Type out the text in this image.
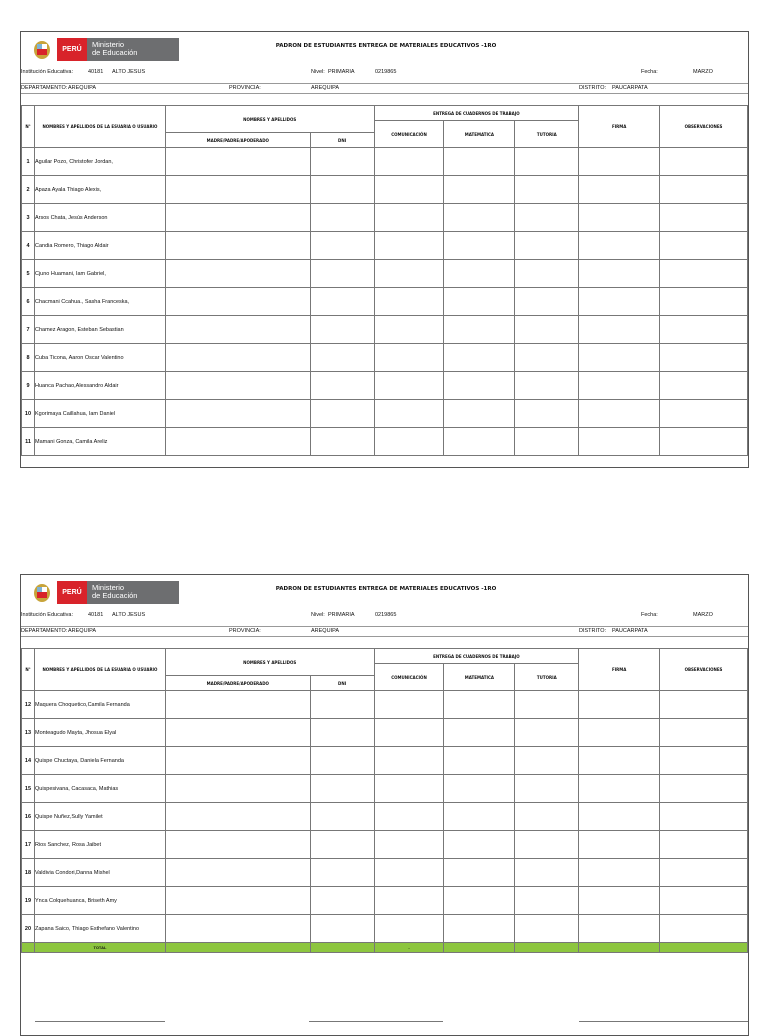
PERÚ
Ministerio
de Educación
PADRON DE ESTUDIANTES ENTREGA DE MATERIALES EDUCATIVOS -1RO
Institución Educativa:	40181 ALTO JESUS	Nivel: PRIMARIA	0219865	Fecha:	MARZO
DEPARTAMENTO: AREQUIPA	PROVINCIA:	AREQUIPA	DISTRITO: PAUCARPATA
N°	NOMBRES Y APELLIDOS DE LA ESUARIA O USUARIO	NOMBRES Y APELLIDOS		ENTREGA DE CUADERNOS DE TRABAJO			FIRMA	OBSERVACIONES
				COMUNICACIÓN	MATEMATICA	TUTORIA		
		MADRE/PADRE/APODERADO	DNI					
1	Aguilar Pozo, Christofer Jordan,							
2	Apaza Ayala Thiago Alexis,							
3	Arsos Chata, Jesús Anderson							
4	Candia Romero, Thiago Aldair							
5	Cjuno Huamani, Iam Gabriel,							
6	Chacmani Ccahua., Sasha Franceska,							
7	Chamez Aragon, Esteban Sebastian							
8	Cuba Ticona, Aaron Oscar Valentino							
9	Huanca Pachao,Alessandro Aldair							
10	Kgorimaya Caillahua, Iam Daniel							
11	Mamani Gonza, Camila Areliz							
PERÚ
Ministerio
de Educación
PADRON DE ESTUDIANTES ENTREGA DE MATERIALES EDUCATIVOS -1RO
Institución Educativa:	40181 ALTO JESUS	Nivel: PRIMARIA	0219865	Fecha:	MARZO
DEPARTAMENTO: AREQUIPA	PROVINCIA:	AREQUIPA	DISTRITO: PAUCARPATA
N°	NOMBRES Y APELLIDOS DE LA ESUARIA O USUARIO	NOMBRES Y APELLIDOS		ENTREGA DE CUADERNOS DE TRABAJO			FIRMA	OBSERVACIONES
				COMUNICACIÓN	MATEMATICA	TUTORIA		
		MADRE/PADRE/APODERADO	DNI					
12	Maquera Choquetico,Camila Fernanda							
13	Monteagudo Mayta, Jhosua Elyal							
14	Quispe Chuctaya, Daniela Fernanda							
15	Quispesivana, Cacasaca, Mathias							
16	Quispe Nuñez,Sully Yamilet							
17	Rios Sanchez, Rosa Jaibet							
18	Valdivia Condori,Danna Mishel							
19	Ynca Colquehuanca, Briseth Amy							
20	Zapana Saico, Thiago Esthefano Valentino							
	TOTAL			-				
